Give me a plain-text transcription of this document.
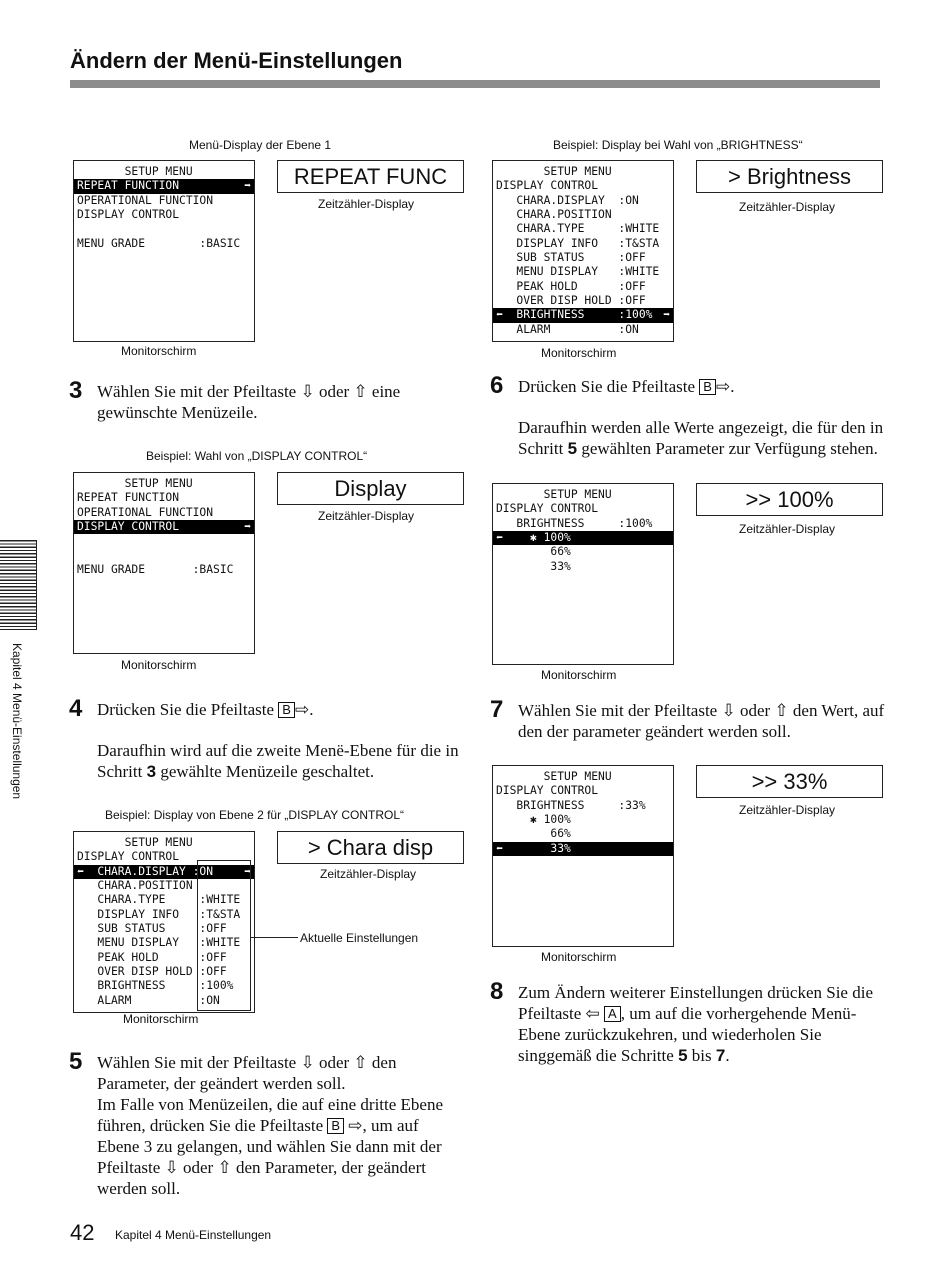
Ändern der Menü-Einstellungen
Kapitel 4 Menü-Einstellungen
Menü-Display der Ebene 1
SETUP MENU
REPEAT FUNCTION	➡
OPERATIONAL FUNCTION
DISPLAY CONTROL
MENU GRADE        :BASIC
REPEAT FUNC
Zeitzähler-Display
Monitorschirm
3 Wählen Sie mit der Pfeiltaste ⇩ oder ⇧ eine gewünschte Menüzeile.

Beispiel: Wahl von „DISPLAY CONTROL“
SETUP MENU
REPEAT FUNCTION
OPERATIONAL FUNCTION
DISPLAY CONTROL	➡
MENU GRADE       :BASIC
Display
Zeitzähler-Display
Monitorschirm
4 Drücken Sie die Pfeiltaste B ⇨.

Daraufhin wird auf die zweite Menë-Ebene für die in Schritt 3 gewählte Menüzeile geschaltet.

Beispiel: Display von Ebene 2 für „DISPLAY CONTROL“
SETUP MENU
DISPLAY CONTROL
⬅  CHARA.DISPLAY :ON	➡
CHARA.POSITION
CHARA.TYPE     :WHITE
DISPLAY INFO   :T&STA
SUB STATUS     :OFF
MENU DISPLAY   :WHITE
PEAK HOLD      :OFF
OVER DISP HOLD :OFF
BRIGHTNESS     :100%
ALARM          :ON
Aktuelle Einstellungen
> Chara disp
Zeitzähler-Display
Monitorschirm
5 Wählen Sie mit der Pfeiltaste ⇩ oder ⇧ den Parameter, der geändert werden soll.

Im Falle von Menüzeilen, die auf eine dritte Ebene führen, drücken Sie die Pfeiltaste B ⇨, um auf Ebene 3 zu gelangen, und wählen Sie dann mit der Pfeiltaste ⇩ oder ⇧ den Parameter, der geändert werden soll.

Beispiel: Display bei Wahl von „BRIGHTNESS“
SETUP MENU
DISPLAY CONTROL
CHARA.DISPLAY  :ON
CHARA.POSITION
CHARA.TYPE     :WHITE
DISPLAY INFO   :T&STA
SUB STATUS     :OFF
MENU DISPLAY   :WHITE
PEAK HOLD      :OFF
OVER DISP HOLD :OFF
⬅  BRIGHTNESS     :100% ➡
ALARM          :ON
> Brightness
Zeitzähler-Display
Monitorschirm
6 Drücken Sie die Pfeiltaste B ⇨.

Daraufhin werden alle Werte angezeigt, die für den in Schritt 5 gewählten Parameter zur Verfügung stehen.

SETUP MENU
DISPLAY CONTROL
BRIGHTNESS     :100%
⬅    ✱ 100%
66%
33%
>> 100%
Zeitzähler-Display
Monitorschirm
7 Wählen Sie mit der Pfeiltaste ⇩ oder ⇧ den Wert, auf den der parameter geändert werden soll.

SETUP MENU
DISPLAY CONTROL
BRIGHTNESS     :33%
✱ 100%
66%
⬅       33%
>> 33%
Zeitzähler-Display
Monitorschirm
8 Zum Ändern weiterer Einstellungen drücken Sie die Pfeiltaste ⇦ A , um auf die vorhergehende Menü-Ebene zurückzukehren, und wiederholen Sie singgemäß die Schritte 5 bis 7.

42 Kapitel 4 Menü-Einstellungen
